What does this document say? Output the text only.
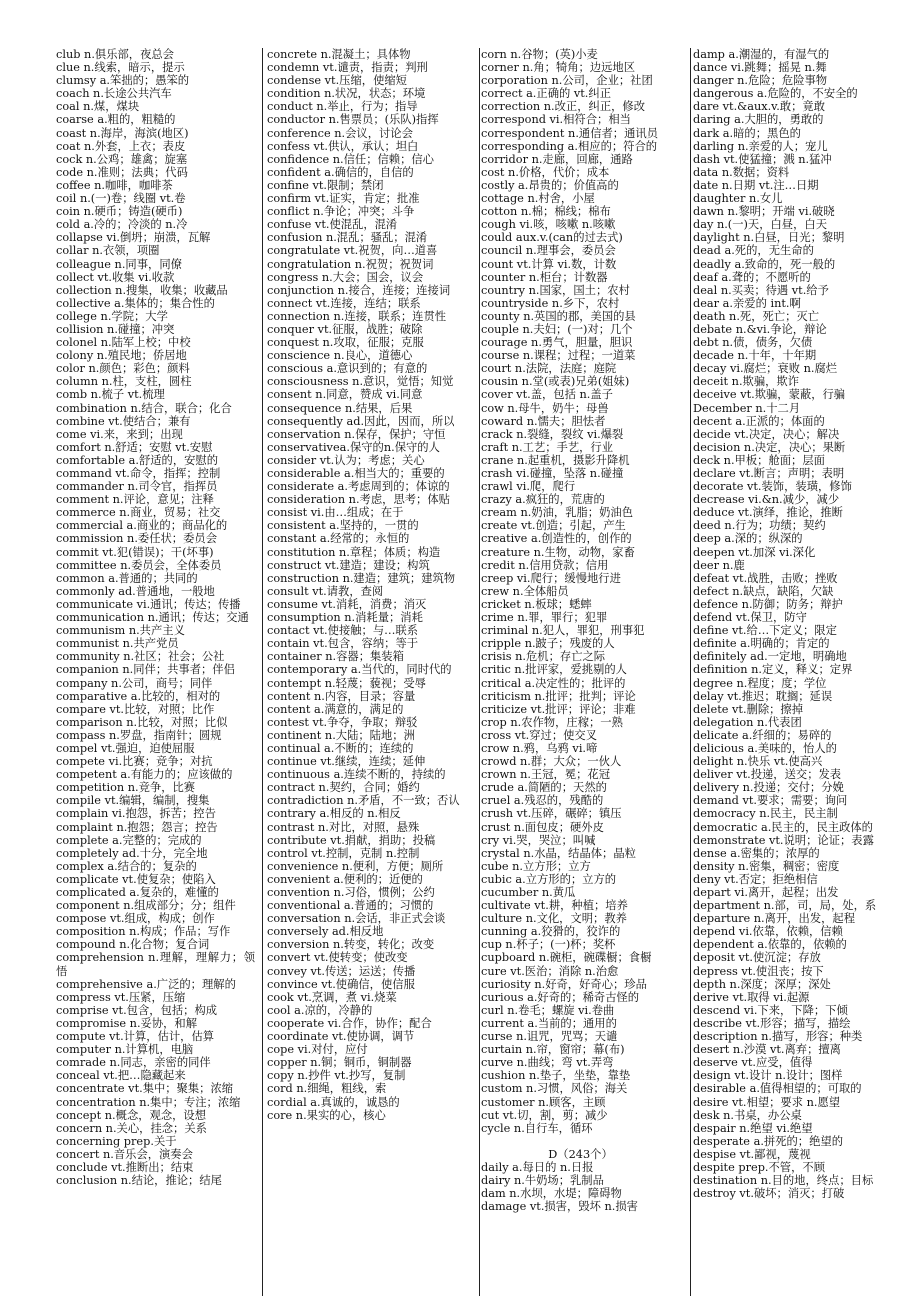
club n.俱乐部，夜总会
clue n.线索，暗示，提示
clumsy a.笨拙的；愚笨的
coach n.长途公共汽车
coal n.煤，煤块
coarse a.粗的，粗糙的
coast n.海岸，海滨(地区)
coat n.外套，上衣；表皮
cock n.公鸡；雄禽；旋塞
code n.准则；法典；代码
coffee n.咖啡，咖啡茶
coil n.(一)卷；线圈 vt.卷
coin n.硬币；铸造(硬币)
cold a.冷的；冷淡的 n.冷
collapse vi.倒坍；崩溃，瓦解
collar n.衣领，项圈
colleague n.同事，同僚
collect vt.收集 vi.收款
collection n.搜集，收集；收藏品
collective a.集体的；集合性的
college n.学院；大学
collision n.碰撞；冲突
colonel n.陆军上校；中校
colony n.殖民地；侨居地
color n.颜色；彩色；颜料
column n.柱，支柱，圆柱
comb n.梳子 vt.梳理
combination n.结合，联合；化合
combine vt.使结合；兼有
come vi.来，来到；出现
comfort n.舒适；安慰 vt.安慰
comfortable a.舒适的，安慰的
command vt.命令，指挥；控制
commander n.司令官，指挥员
comment n.评论，意见；注释
commerce n.商业，贸易；社交
commercial a.商业的；商品化的
commission n.委任状；委员会
commit vt.犯(错误)；干(坏事)
committee n.委员会，全体委员
common a.普通的；共同的
commonly ad.普通地，一般地
communicate vi.通讯；传达；传播
communication n.通讯；传达；交通
communism n.共产主义
communist n.共产党员
community n.社区；社会；公社
companion n.同伴；共事者；伴侣
company n.公司，商号；同伴
comparative a.比较的，相对的
compare vt.比较，对照；比作
comparison n.比较，对照；比似
compass n.罗盘，指南针；圆规
compel vt.强迫，迫使屈服
compete vi.比赛；竞争；对抗
competent a.有能力的；应该做的
competition n.竞争，比赛
compile vt.编辑，编制，搜集
complain vi.抱怨，拆苦；控告
complaint n.抱怨；怨言；控告
complete a.完整的；完成的
completely ad.十分，完全地
complex a.结合的；复杂的
complicate vt.使复杂；使陷入
complicated a.复杂的，难懂的
component n.组成部分；分；组件
compose vt.组成，构成；创作
composition n.构成；作品；写作
compound n.化合物；复合词
comprehension n.理解，理解力；领悟
comprehensive a.广泛的；理解的
compress vt.压紧，压缩
comprise vt.包含，包括；构成
compromise n.妥协，和解
compute vt.计算，估计，估算
computer n.计算机，电脑
comrade n.同志，亲密的同伴
conceal vt.把…隐藏起来
concentrate vt.集中；聚集；浓缩
concentration n.集中；专注；浓缩
concept n.概念，观念，设想
concern n.关心，挂念；关系
concerning prep.关于
concert n.音乐会，演奏会
conclude vt.推断出；结束
conclusion n.结论，推论；结尾
concrete n.混凝土；具体物
condemn vt.谴责，指责；判刑
condense vt.压缩，使缩短
condition n.状况，状态；环境
conduct n.举止，行为；指导
conductor n.售票员；(乐队)指挥
conference n.会议，讨论会
confess vt.供认，承认；坦白
confidence n.信任；信赖；信心
confident a.确信的，自信的
confine vt.限制；禁闭
confirm vt.证实，肯定；批准
conflict n.争论；冲突；斗争
confuse vt.使混乱，混淆
confusion n.混乱；骚乱；混淆
congratulate vt.祝贺，向…道喜
congratulation n.祝贺；祝贺词
congress n.大会；国会，议会
conjunction n.接合，连接；连接词
connect vt.连接，连结；联系
connection n.连接，联系；连贯性
conquer vt.征服，战胜；破除
conquest n.攻取，征服；克服
conscience n.良心，道德心
conscious a.意识到的；有意的
consciousness n.意识，觉悟；知觉
consent n.同意，赞成 vi.同意
consequence n.结果，后果
consequently ad.因此，因而，所以
conservation n.保存，保护；守恒
conservativea.保守的n.保守的人
consider vt.认为；考虑；关心
considerable a.相当大的；重要的
considerate a.考虑周到的；体谅的
consideration n.考虑，思考；体贴
consist vi.由…组成；在于
consistent a.坚持的，一贯的
constant a.经常的；永恒的
constitution n.章程；体质；构造
construct vt.建造；建设；构筑
construction n.建造；建筑；建筑物
consult vt.请教，查阅
consume vt.消耗，消费；消灭
consumption n.消耗量；消耗
contact vt.使接触；与…联系
contain vt.包含，容纳；等于
container n.容器；集装箱
contemporary a.当代的，同时代的
contempt n.轻蔑；藐视；受辱
content n.内容，目录；容量
content a.满意的，满足的
contest vt.争夺，争取；辩驳
continent n.大陆；陆地；洲
continual a.不断的；连续的
continue vt.继续，连续；延伸
continuous a.连续不断的，持续的
contract n.契约，合同；婚约
contradiction n.矛盾，不一致；否认
contrary a.相反的 n.相反
contrast n.对比，对照，悬殊
contribute vt.捐献，捐助；投稿
control vt.控制，克制 n.控制
convenience n.便利，方便；厕所
convenient a.便利的；近便的
convention n.习俗，惯例；公约
conventional a.普通的；习惯的
conversation n.会话，非正式会谈
conversely ad.相反地
conversion n.转变，转化；改变
convert vt.使转变；使改变
convey vt.传送；运送；传播
convince vt.使确信，使信服
cook vt.烹调，煮 vi.烧菜
cool a.凉的，冷静的
cooperate vi.合作，协作；配合
coordinate vt.使协调，调节
cope vi.对付，应付
copper n.铜；铜币，铜制器
copy n.抄件 vt.抄写，复制
cord n.细绳，粗线，索
cordial a.真诚的，诚恳的
core n.果实的心，核心
corn n.谷物；(英)小麦
corner n.角；犄角；边远地区
corporation n.公司，企业；社团
correct a.正确的 vt.纠正
correction n.改正，纠正，修改
correspond vi.相符合；相当
correspondent n.通信者；通讯员
corresponding a.相应的；符合的
corridor n.走廊，回廊，通路
cost n.价格，代价；成本
costly a.昂贵的；价值高的
cottage n.村舍，小屋
cotton n.棉；棉线；棉布
cough vi.咳，咳嗽 n.咳嗽
could aux.v.(can的过去式)
council n.理事会，委员会
count vt.计算 vi.数，计数
counter n.柜台；计数器
country n.国家，国土；农村
countryside n.乡下，农村
county n.英国的郡，美国的县
couple n.夫妇；(一)对；几个
courage n.勇气，胆量，胆识
course n.课程；过程；一道菜
court n.法院，法庭；庭院
cousin n.堂(或表)兄弟(姐妹)
cover vt.盖，包括 n.盖子
cow n.母牛，奶牛；母兽
coward n.懦夫；胆怯者
crack n.裂缝，裂纹 vi.爆裂
craft n.工艺；手艺，行业
crane n.起重机，摄影升降机
crash vi.碰撞，坠落 n.碰撞
crawl vi.爬，爬行
crazy a.疯狂的，荒唐的
cream n.奶油，乳脂；奶油色
create vt.创造；引起，产生
creative a.创造性的，创作的
creature n.生物，动物，家畜
credit n.信用贷款；信用
creep vi.爬行；缓慢地行进
crew n.全体船员
cricket n.板球；蟋蟀
crime n.罪，罪行；犯罪
criminal n.犯人，罪犯，刑事犯
cripple n.跛子；残废的人
crisis n.危机；存亡之际
critic n.批评家，爱挑剔的人
critical a.决定性的；批评的
criticism n.批评；批判；评论
criticize vt.批评；评论；非难
crop n.农作物，庄稼；一熟
cross vt.穿过；使交叉
crow n.鸦，乌鸦 vi.啼
crowd n.群；大众；一伙人
crown n.王冠，冕；花冠
crude a.简陋的；天然的
cruel a.残忍的，残酷的
crush vt.压碎，碾碎；镇压
crust n.面包皮；硬外皮
cry vi.哭，哭泣；叫喊
crystal n.水晶，结晶体；晶粒
cube n.立方形；立方
cubic a.立方形的；立方的
cucumber n.黄瓜
cultivate vt.耕，种植；培养
culture n.文化，文明；教养
cunning a.狡猾的，狡诈的
cup n.杯子；(一)杯；奖杯
cupboard n.碗柜，碗碟橱；食橱
cure vt.医治；消除 n.治愈
curiosity n.好奇，好奇心；珍品
curious a.好奇的；稀奇古怪的
curl n.卷毛；螺旋 vi.卷曲
current a.当前的；通用的
curse n.诅咒，咒骂；天谴
curtain n.帘，窗帘；幕(布)
curve n.曲线；弯 vt.弄弯
cushion n.垫子，坐垫，靠垫
custom n.习惯，风俗；海关
customer n.顾客，主顾
cut vt.切，割，剪；减少
cycle n.自行车，循环
D（243个）
daily a.每日的 n.日报
dairy n.牛奶场；乳制品
dam n.水坝，水堤；障碍物
damage vt.损害，毁坏 n.损害
damp a.潮湿的，有湿气的
dance vi.跳舞；摇晃 n.舞
danger n.危险；危险事物
dangerous a.危险的，不安全的
dare vt.&aux.v.敢；竟敢
daring a.大胆的，勇敢的
dark a.暗的；黑色的
darling n.亲爱的人；宠儿
dash vt.使猛撞；溅 n.猛冲
data n.数据；资料
date n.日期 vt.注…日期
daughter n.女儿
dawn n.黎明；开端 vi.破晓
day n.(一)天，白昼，白天
daylight n.白昼，日光；黎明
dead a.死的，无生命的
deadly a.致命的，死一般的
deaf a.聋的；不愿听的
deal n.买卖；待遇 vt.给予
dear a.亲爱的 int.啊
death n.死，死亡；灭亡
debate n.&vi.争论，辩论
debt n.债，债务，欠债
decade n.十年，十年期
decay vi.腐烂；衰败 n.腐烂
deceit n.欺骗，欺诈
deceive vt.欺骗，蒙蔽，行骗
December n.十二月
decent a.正派的；体面的
decide vt.决定，决心；解决
decision n.决定，决心；果断
deck n.甲板；舱面；层面
declare vt.断言；声明；表明
decorate vt.装饰，装璜，修饰
decrease vi.&n.减少，减少
deduce vt.演绎，推论，推断
deed n.行为；功绩；契约
deep a.深的；纵深的
deepen vt.加深 vi.深化
deer n.鹿
defeat vt.战胜，击败；挫败
defect n.缺点，缺陷，欠缺
defence n.防御；防务；辩护
defend vt.保卫，防守
define vt.给…下定义；限定
definite a.明确的；肯定的
definitely ad.一定地，明确地
definition n.定义，释义；定界
degree n.程度；度；学位
delay vt.推迟；耽搁；延误
delete vt.删除；擦掉
delegation n.代表团
delicate a.纤细的；易碎的
delicious a.美味的，怡人的
delight n.快乐 vt.使高兴
deliver vt.投递，送交；发表
delivery n.投递；交付；分娩
demand vt.要求；需要；询问
democracy n.民主，民主制
democratic a.民主的，民主政体的
demonstrate vt.说明；论证；表露
dense a.密集的；浓厚的
density n.密集，稠密；密度
deny vt.否定；拒绝相信
depart vi.离开，起程；出发
department n.部，司，局，处，系
departure n.离开，出发，起程
depend vi.依靠，依赖，信赖
dependent a.依靠的，依赖的
deposit vt.使沉淀；存放
depress vt.使沮丧；按下
depth n.深度；深厚；深处
derive vt.取得 vi.起源
descend vi.下来，下降；下倾
describe vt.形容；描写，描绘
description n.描写，形容；种类
desert n.沙漠 vt.离弃；擅离
deserve vt.应受，值得
design vt.设计 n.设计；图样
desirable a.值得相望的；可取的
desire vt.相望；要求 n.愿望
desk n.书桌，办公桌
despair n.绝望 vi.绝望
desperate a.拼死的；绝望的
despise vt.鄙视，蔑视
despite prep.不管，不顾
destination n.目的地，终点；目标
destroy vt.破坏；消灭；打破
